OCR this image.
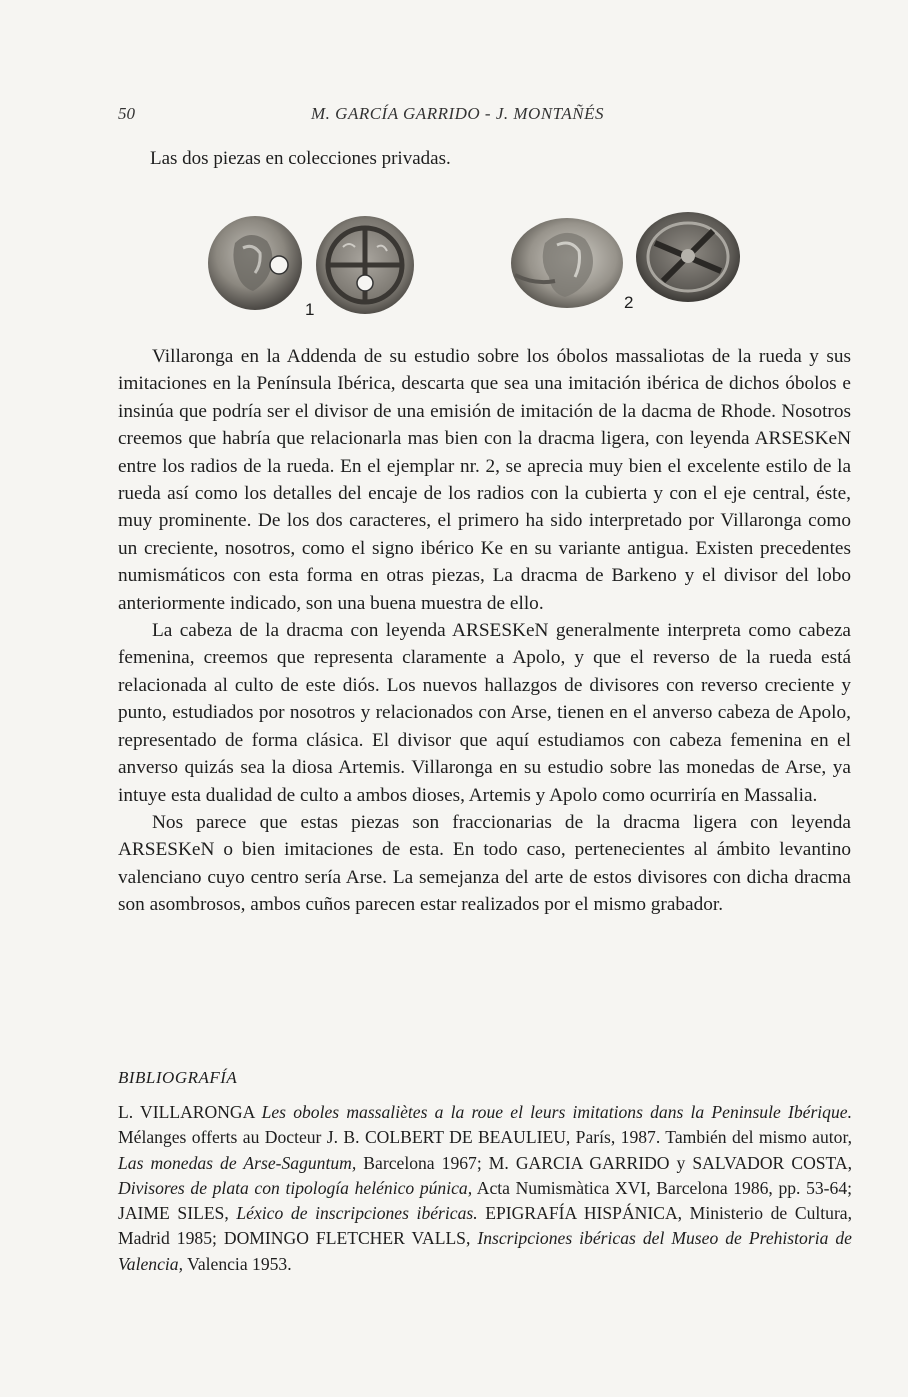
50	M. GARCÍA GARRIDO - J. MONTAÑÉS
Las dos piezas en colecciones privadas.
1	2

Villaronga en la Addenda de su estudio sobre los óbolos massaliotas de la rueda y sus imitaciones en la Península Ibérica, descarta que sea una imitación ibérica de dichos óbolos e insinúa que podría ser el divisor de una emisión de imitación de la dacma de Rhode. Nosotros creemos que habría que relacionarla mas bien con la dracma ligera, con leyenda ARSESKeN entre los radios de la rueda. En el ejemplar nr. 2, se aprecia muy bien el excelente estilo de la rueda así como los detalles del encaje de los radios con la cubierta y con el eje central, éste, muy prominente. De los dos caracteres, el primero ha sido interpretado por Villaronga como un creciente, nosotros, como el signo ibérico Ke en su variante antigua. Existen precedentes numismáticos con esta forma en otras piezas, La dracma de Barkeno y el divisor del lobo anteriormente indicado, son una buena muestra de ello.

La cabeza de la dracma con leyenda ARSESKeN generalmente interpreta como cabeza femenina, creemos que representa claramente a Apolo, y que el reverso de la rueda está relacionada al culto de este diós. Los nuevos hallazgos de divisores con reverso creciente y punto, estudiados por nosotros y relacionados con Arse, tienen en el anverso cabeza de Apolo, representado de forma clásica. El divisor que aquí estudiamos con cabeza femenina en el anverso quizás sea la diosa Artemis. Villaronga en su estudio sobre las monedas de Arse, ya intuye esta dualidad de culto a ambos dioses, Artemis y Apolo como ocurriría en Massalia.

Nos parece que estas piezas son fraccionarias de la dracma ligera con leyenda ARSESKeN o bien imitaciones de esta. En todo caso, pertenecientes al ámbito levantino valenciano cuyo centro sería Arse. La semejanza del arte de estos divisores con dicha dracma son asombrosos, ambos cuños parecen estar realizados por el mismo grabador.

BIBLIOGRAFÍA
L. VILLARONGA Les oboles massaliètes a la roue el leurs imitations dans la Peninsule Ibérique. Mélanges offerts au Docteur J. B. COLBERT DE BEAULIEU, París, 1987. También del mismo autor, Las monedas de Arse-Saguntum, Barcelona 1967; M. GARCIA GARRIDO y SALVADOR COSTA, Divisores de plata con tipología helénico púnica, Acta Numismàtica XVI, Barcelona 1986, pp. 53-64; JAIME SILES, Léxico de inscripciones ibéricas. EPIGRAFÍA HISPÁNICA, Ministerio de Cultura, Madrid 1985; DOMINGO FLETCHER VALLS, Inscripciones ibéricas del Museo de Prehistoria de Valencia, Valencia 1953.
